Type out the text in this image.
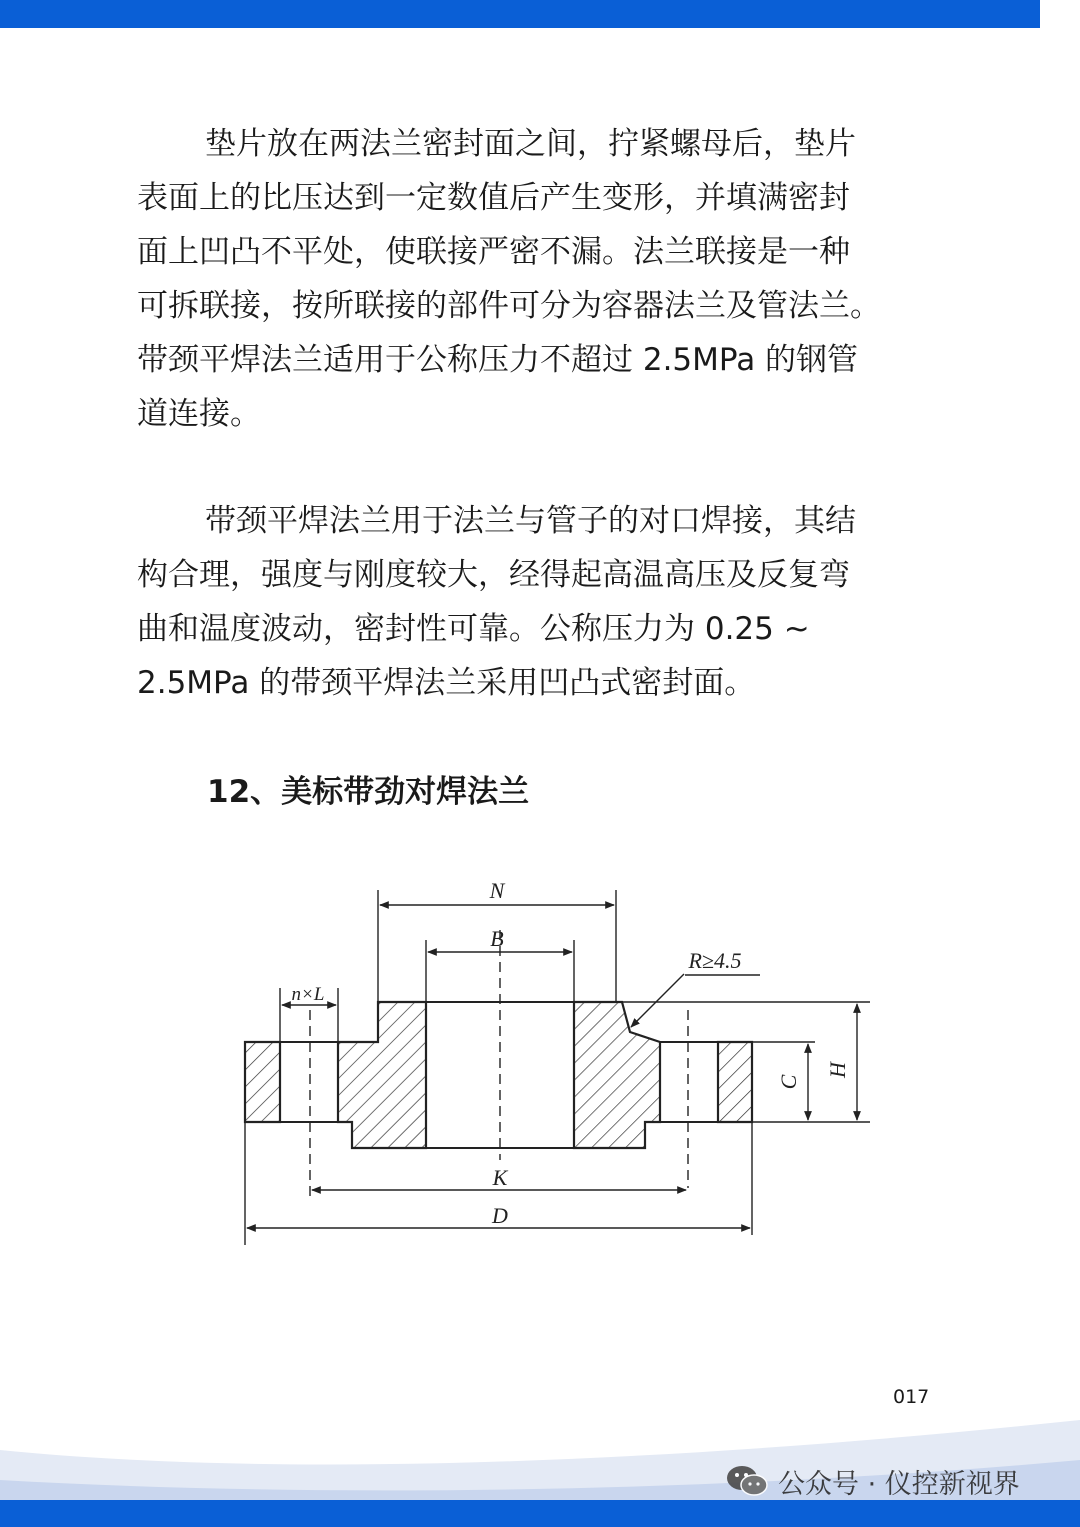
垫片放在两法兰密封面之间，拧紧螺母后，垫片
表面上的比压达到一定数值后产生变形，并填满密封
面上凹凸不平处，使联接严密不漏。法兰联接是一种
可拆联接，按所联接的部件可分为容器法兰及管法兰。
带颈平焊法兰适用于公称压力不超过 2.5MPa 的钢管
道连接。

带颈平焊法兰用于法兰与管子的对口焊接，其结
构合理，强度与刚度较大，经得起高温高压及反复弯
曲和温度波动，密封性可靠。公称压力为 0.25 ~
2.5MPa 的带颈平焊法兰采用凹凸式密封面。

12、美标带劲对焊法兰
N
B
R≥4.5
n×L
K
D
C
H
017
公众号 · 仪控新视界
